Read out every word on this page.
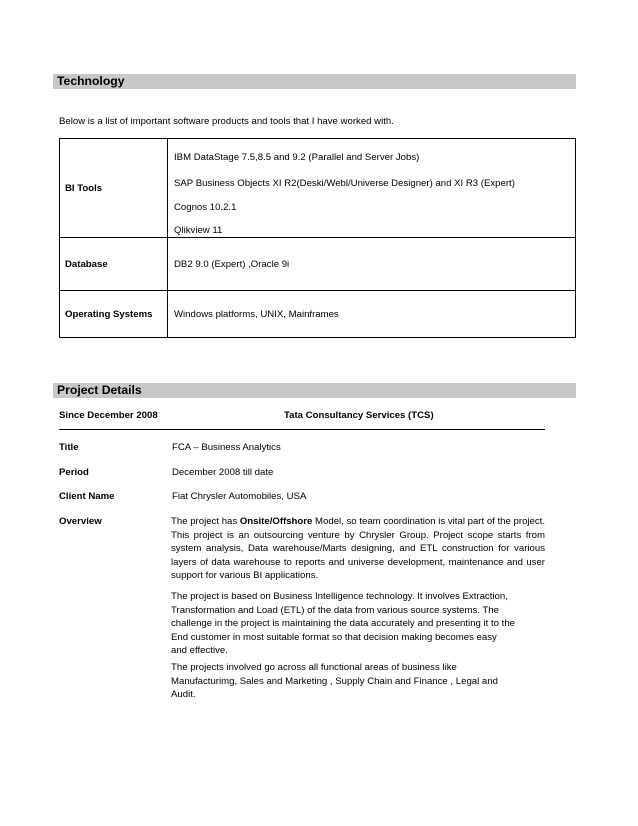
Technology
Below is a list of important software products and tools that I have worked with.
BI Tools	IBM DataStage 7.5,8.5 and 9.2 (Parallel and Server Jobs)
SAP Business Objects XI R2(Deski/Webl/Universe Designer) and XI R3 (Expert)
Cognos 10.2.1
Qlikview 11

Database	DB2 9.0 (Expert) ,Oracle 9i
Operating Systems	Windows platforms, UNIX, Mainframes
Project Details
Since December 2008	Tata Consultancy Services (TCS)
Title	FCA – Business Analytics
Period	December 2008 till date
Client Name	Fiat Chrysler Automobiles, USA
Overview	The project has Onsite/Offshore Model, so team coordination is vital part of the project. This project is an outsourcing venture by Chrysler Group. Project scope starts from system analysis, Data warehouse/Marts designing, and ETL construction for various layers of data warehouse to reports and universe development, maintenance and user support for various BI applications.
The project is based on Business Intelligence technology. It involves Extraction,
Transformation and Load (ETL) of the data from various source systems. The
challenge in the project is maintaining the data accurately and presenting it to the
End customer in most suitable format so that decision making becomes easy
and effective.
The projects involved go across all functional areas of business like
Manufacturimg, Sales and Marketing , Supply Chain and Finance , Legal and
Audit.
